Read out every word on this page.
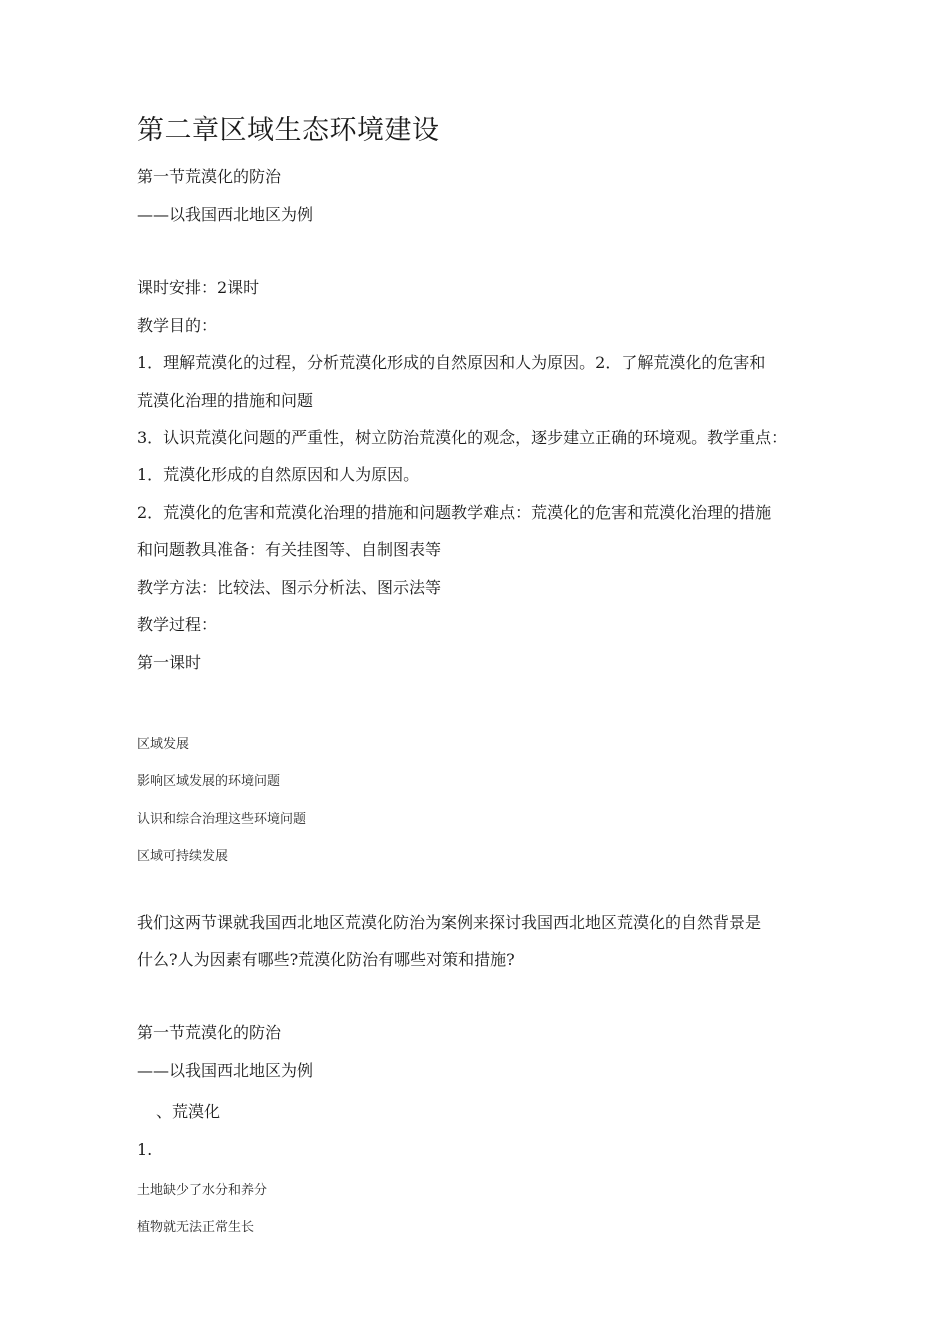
第二章区域生态环境建设

第一节荒漠化的防治

——以我国西北地区为例

课时安排：2课时

教学目的：

1．理解荒漠化的过程，分析荒漠化形成的自然原因和人为原因。2．了解荒漠化的危害和

荒漠化治理的措施和问题

3．认识荒漠化问题的严重性，树立防治荒漠化的观念，逐步建立正确的环境观。教学重点：

1．荒漠化形成的自然原因和人为原因。

2．荒漠化的危害和荒漠化治理的措施和问题教学难点：荒漠化的危害和荒漠化治理的措施

和问题教具准备：有关挂图等、自制图表等

教学方法：比较法、图示分析法、图示法等

教学过程：

第一课时

区域发展

影响区域发展的环境问题

认识和综合治理这些环境问题

区域可持续发展

我们这两节课就我国西北地区荒漠化防治为案例来探讨我国西北地区荒漠化的自然背景是

什么?人为因素有哪些?荒漠化防治有哪些对策和措施?

第一节荒漠化的防治

——以我国西北地区为例

、荒漠化

1.

土地缺少了水分和养分

植物就无法正常生长
